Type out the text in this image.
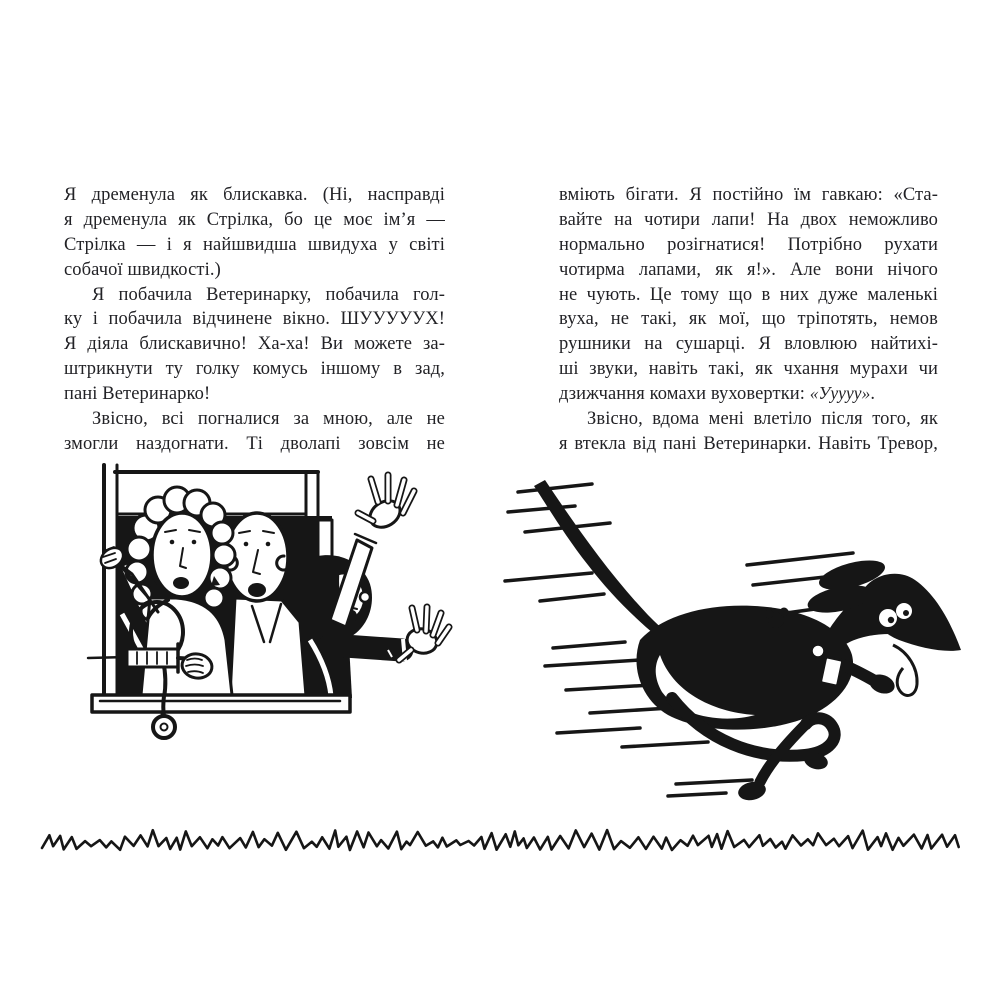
Я дременула як блискавка. (Ні, насправді
я дременула як Стрілка, бо це моє ім’я —
Стрілка — і я найшвидша швидуха у світі
собачої швидкості.)
Я побачила Ветеринарку, побачила гол-
ку і побачила відчинене вікно. ШУУУУУХ!
Я діяла блискавично! Ха-ха! Ви можете за-
штрикнути ту голку комусь іншому в зад,
пані Ветеринарко!
Звісно, всі погналися за мною, але не
змогли наздогнати. Ті дволапі зовсім не
вміють бігати. Я постійно їм гавкаю: «Ста-
вайте на чотири лапи! На двох неможливо
нормально розігнатися! Потрібно рухати
чотирма лапами, як я!». Але вони нічого
не чують. Це тому що в них дуже маленькі
вуха, не такі, як мої, що тріпотять, немов
рушники на сушарці. Я вловлюю найтихі-
ші звуки, навіть такі, як чхання мурахи чи
дзижчання комахи вуховертки: «Ууууу».
Звісно, вдома мені влетіло після того, як
я втекла від пані Ветеринарки. Навіть Тревор,
